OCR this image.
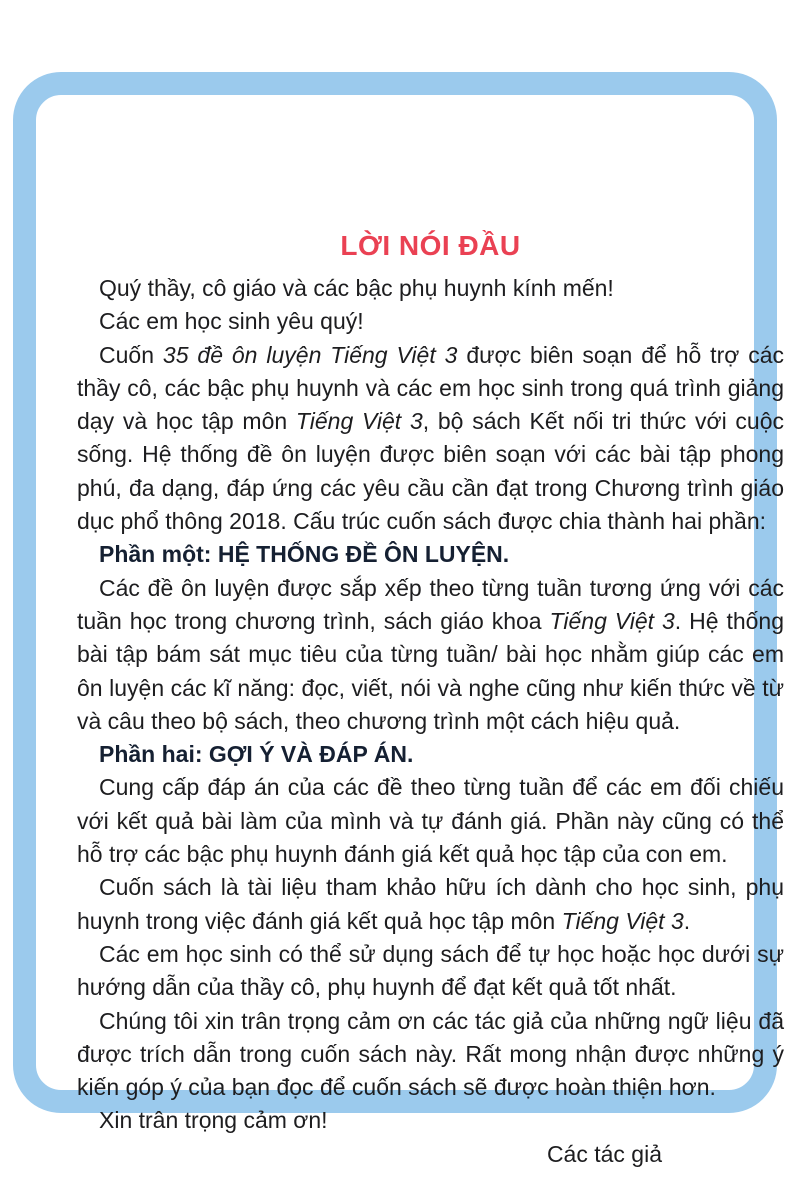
LỜI NÓI ĐẦU

Quý thầy, cô giáo và các bậc phụ huynh kính mến!

Các em học sinh yêu quý!

Cuốn 35 đề ôn luyện Tiếng Việt 3 được biên soạn để hỗ trợ các thầy cô, các bậc phụ huynh và các em học sinh trong quá trình giảng dạy và học tập môn Tiếng Việt 3, bộ sách Kết nối tri thức với cuộc sống. Hệ thống đề ôn luyện được biên soạn với các bài tập phong phú, đa dạng, đáp ứng các yêu cầu cần đạt trong Chương trình giáo dục phổ thông 2018. Cấu trúc cuốn sách được chia thành hai phần:

Phần một: HỆ THỐNG ĐỀ ÔN LUYỆN.

Các đề ôn luyện được sắp xếp theo từng tuần tương ứng với các tuần học trong chương trình, sách giáo khoa Tiếng Việt 3. Hệ thống bài tập bám sát mục tiêu của từng tuần/ bài học nhằm giúp các em ôn luyện các kĩ năng: đọc, viết, nói và nghe cũng như kiến thức về từ và câu theo bộ sách, theo chương trình một cách hiệu quả.

Phần hai: GỢI Ý VÀ ĐÁP ÁN.

Cung cấp đáp án của các đề theo từng tuần để các em đối chiếu với kết quả bài làm của mình và tự đánh giá. Phần này cũng có thể hỗ trợ các bậc phụ huynh đánh giá kết quả học tập của con em.

Cuốn sách là tài liệu tham khảo hữu ích dành cho học sinh, phụ huynh trong việc đánh giá kết quả học tập môn Tiếng Việt 3.

Các em học sinh có thể sử dụng sách để tự học hoặc học dưới sự hướng dẫn của thầy cô, phụ huynh để đạt kết quả tốt nhất.

Chúng tôi xin trân trọng cảm ơn các tác giả của những ngữ liệu đã được trích dẫn trong cuốn sách này. Rất mong nhận được những ý kiến góp ý của bạn đọc để cuốn sách sẽ được hoàn thiện hơn.

Xin trân trọng cảm ơn!

Các tác giả
